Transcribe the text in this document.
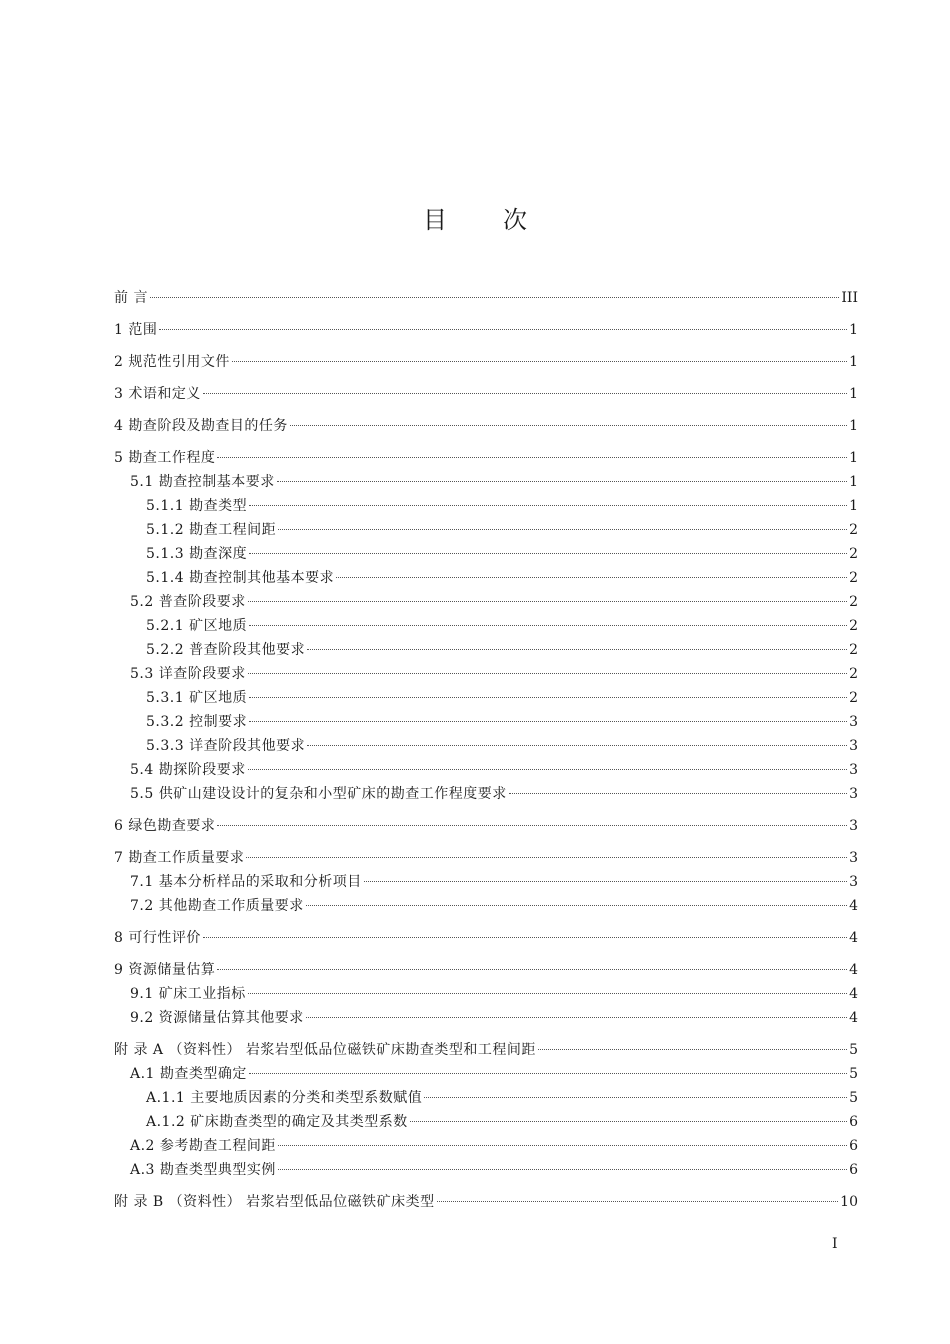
目 次
前 言	III
1 范围	1
2 规范性引用文件	1
3 术语和定义	1
4 勘查阶段及勘查目的任务	1
5 勘查工作程度	1
5.1 勘查控制基本要求	1
5.1.1 勘查类型	1
5.1.2 勘查工程间距	2
5.1.3 勘查深度	2
5.1.4 勘查控制其他基本要求	2
5.2 普查阶段要求	2
5.2.1 矿区地质	2
5.2.2 普查阶段其他要求	2
5.3 详查阶段要求	2
5.3.1 矿区地质	2
5.3.2 控制要求	3
5.3.3 详查阶段其他要求	3
5.4 勘探阶段要求	3
5.5 供矿山建设设计的复杂和小型矿床的勘查工作程度要求	3
6 绿色勘查要求	3
7 勘查工作质量要求	3
7.1 基本分析样品的采取和分析项目	3
7.2 其他勘查工作质量要求	4
8 可行性评价	4
9 资源储量估算	4
9.1 矿床工业指标	4
9.2 资源储量估算其他要求	4
附 录 A （资料性） 岩浆岩型低品位磁铁矿床勘查类型和工程间距	5
A.1 勘查类型确定	5
A.1.1 主要地质因素的分类和类型系数赋值	5
A.1.2 矿床勘查类型的确定及其类型系数	6
A.2 参考勘查工程间距	6
A.3 勘查类型典型实例	6
附 录 B （资料性） 岩浆岩型低品位磁铁矿床类型	10
I
